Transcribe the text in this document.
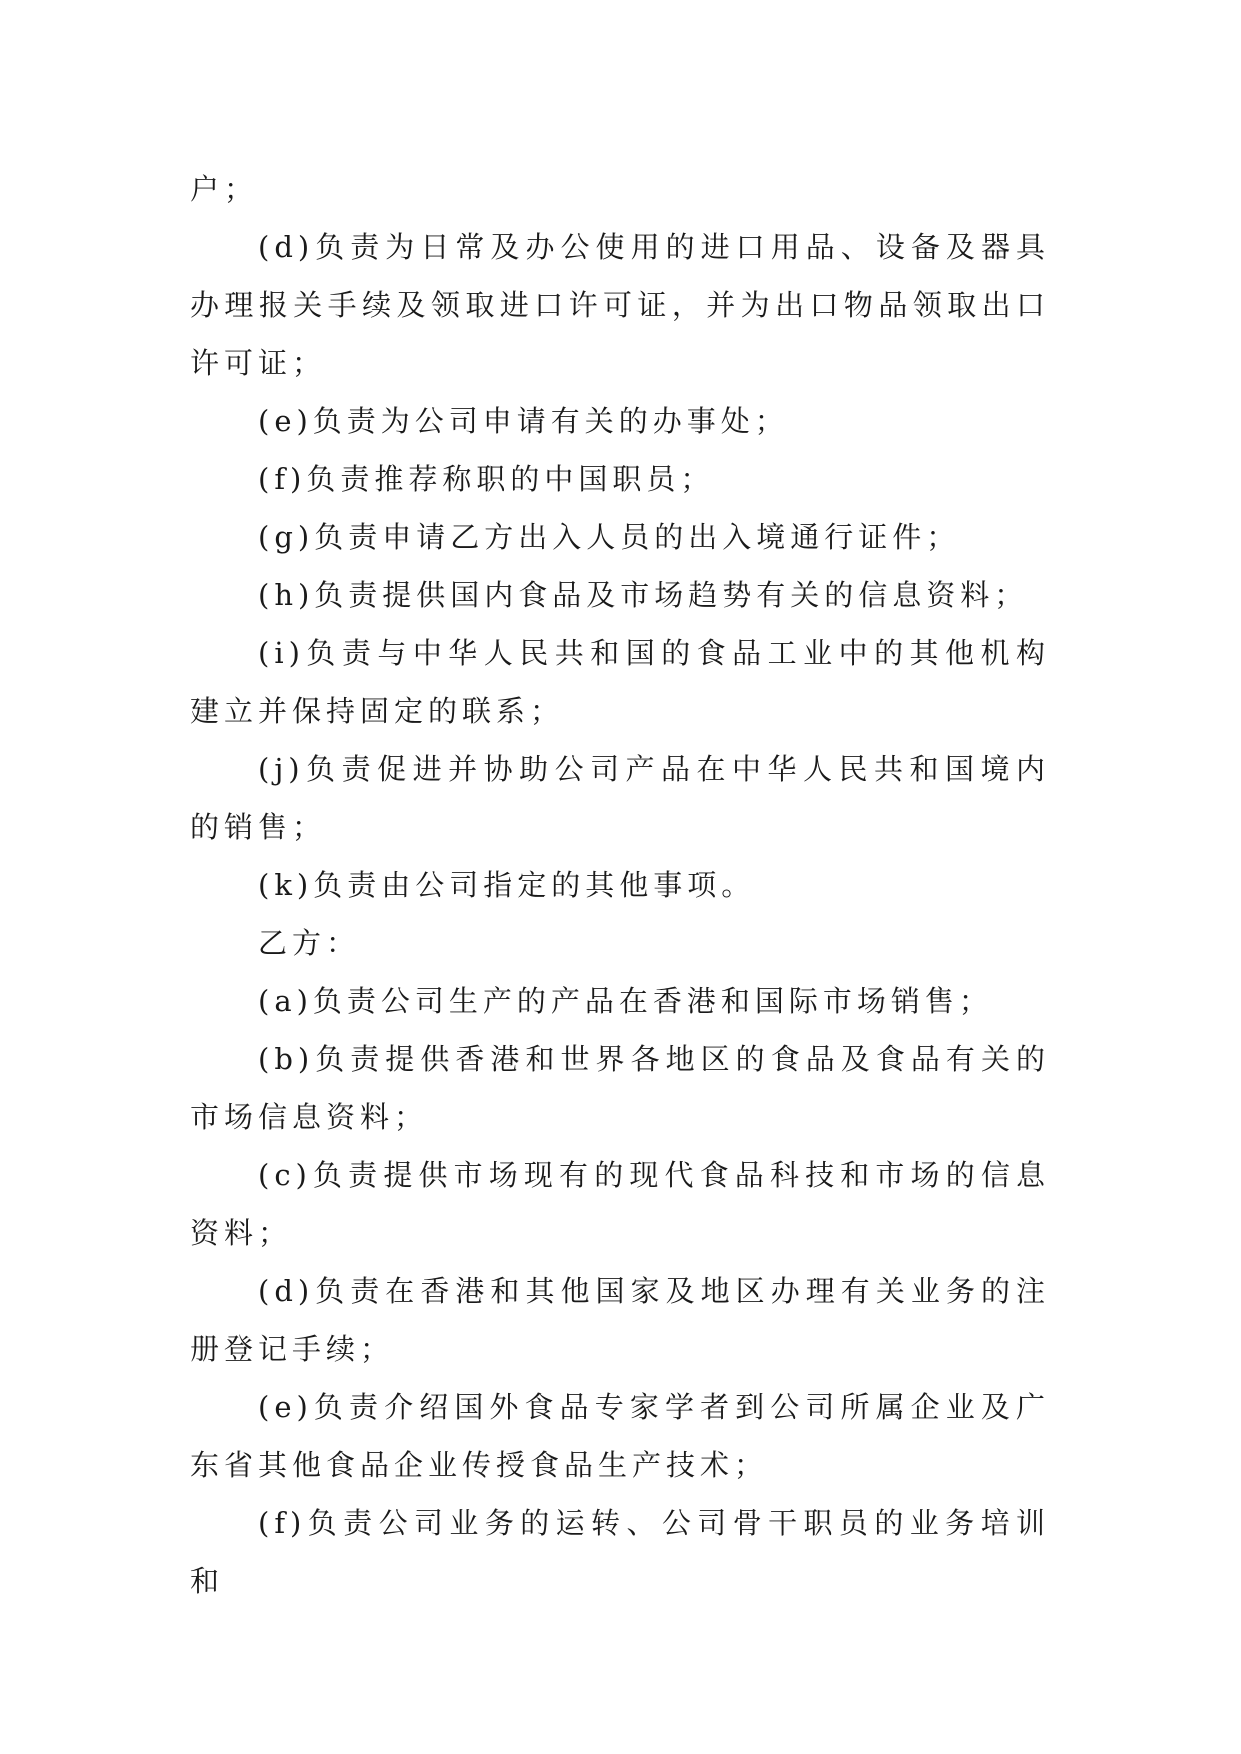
户；

(d)负责为日常及办公使用的进口用品、设备及器具办理报关手续及领取进口许可证，并为出口物品领取出口许可证；

(e)负责为公司申请有关的办事处；

(f)负责推荐称职的中国职员；

(g)负责申请乙方出入人员的出入境通行证件；

(h)负责提供国内食品及市场趋势有关的信息资料；

(i)负责与中华人民共和国的食品工业中的其他机构建立并保持固定的联系；

(j)负责促进并协助公司产品在中华人民共和国境内的销售；

(k)负责由公司指定的其他事项。

乙方：

(a)负责公司生产的产品在香港和国际市场销售；

(b)负责提供香港和世界各地区的食品及食品有关的市场信息资料；

(c)负责提供市场现有的现代食品科技和市场的信息资料；

(d)负责在香港和其他国家及地区办理有关业务的注册登记手续；

(e)负责介绍国外食品专家学者到公司所属企业及广东省其他食品企业传授食品生产技术；

(f)负责公司业务的运转、公司骨干职员的业务培训和
